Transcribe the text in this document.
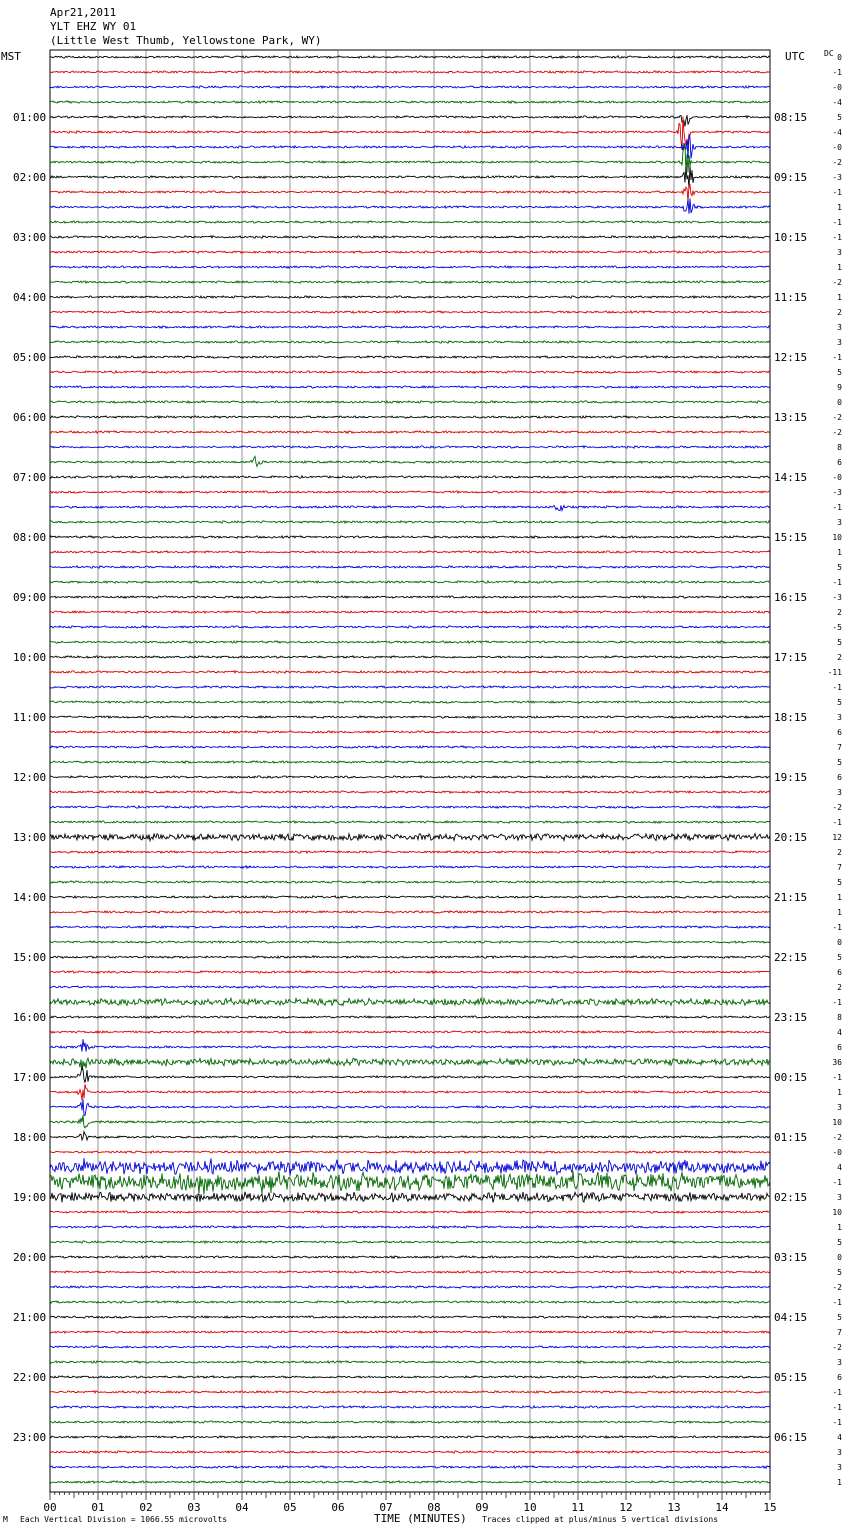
00	01	02	03	04	05	06	07	08	09	10	11	12	13	14	15
0
-1
-0
-4
5
-4
-0
-2
-3
-1
1
-1
-1
3
1
-2
1
2
3
3
-1
5
9
0
-2
-2
8
6
-0
-3
-1
3
10
1
5
-1
-3
2
-5
5
2
-11
-1
5
3
6
7
5
6
3
-2
-1
12
2
7
5
1
1
-1
0
5
6
2
-1
8
4
6
36
-1
1
3
10
-2
-0
4
-1
3
10
1
5
0
5
-2
-1
5
7
-2
3
6
-1
-1
-1
4
3
3
1
01:00
02:00
03:00
04:00
05:00
06:00
07:00
08:00
09:00
10:00
11:00
12:00
13:00
14:00
15:00
16:00
17:00
18:00
19:00
20:00
21:00
22:00
23:00
08:15
09:15
10:15
11:15
12:15
13:15
14:15
15:15
16:15
17:15
18:15
19:15
20:15
21:15
22:15
23:15
00:15
01:15
02:15
03:15
04:15
05:15
06:15
Apr21,2011
YLT EHZ WY 01
(Little West Thumb, Yellowstone Park, WY)
MST	UTC DC
TIME (MINUTES)
M Each Vertical Division = 1066.55 microvolts	Traces clipped at plus/minus 5 vertical divisions
